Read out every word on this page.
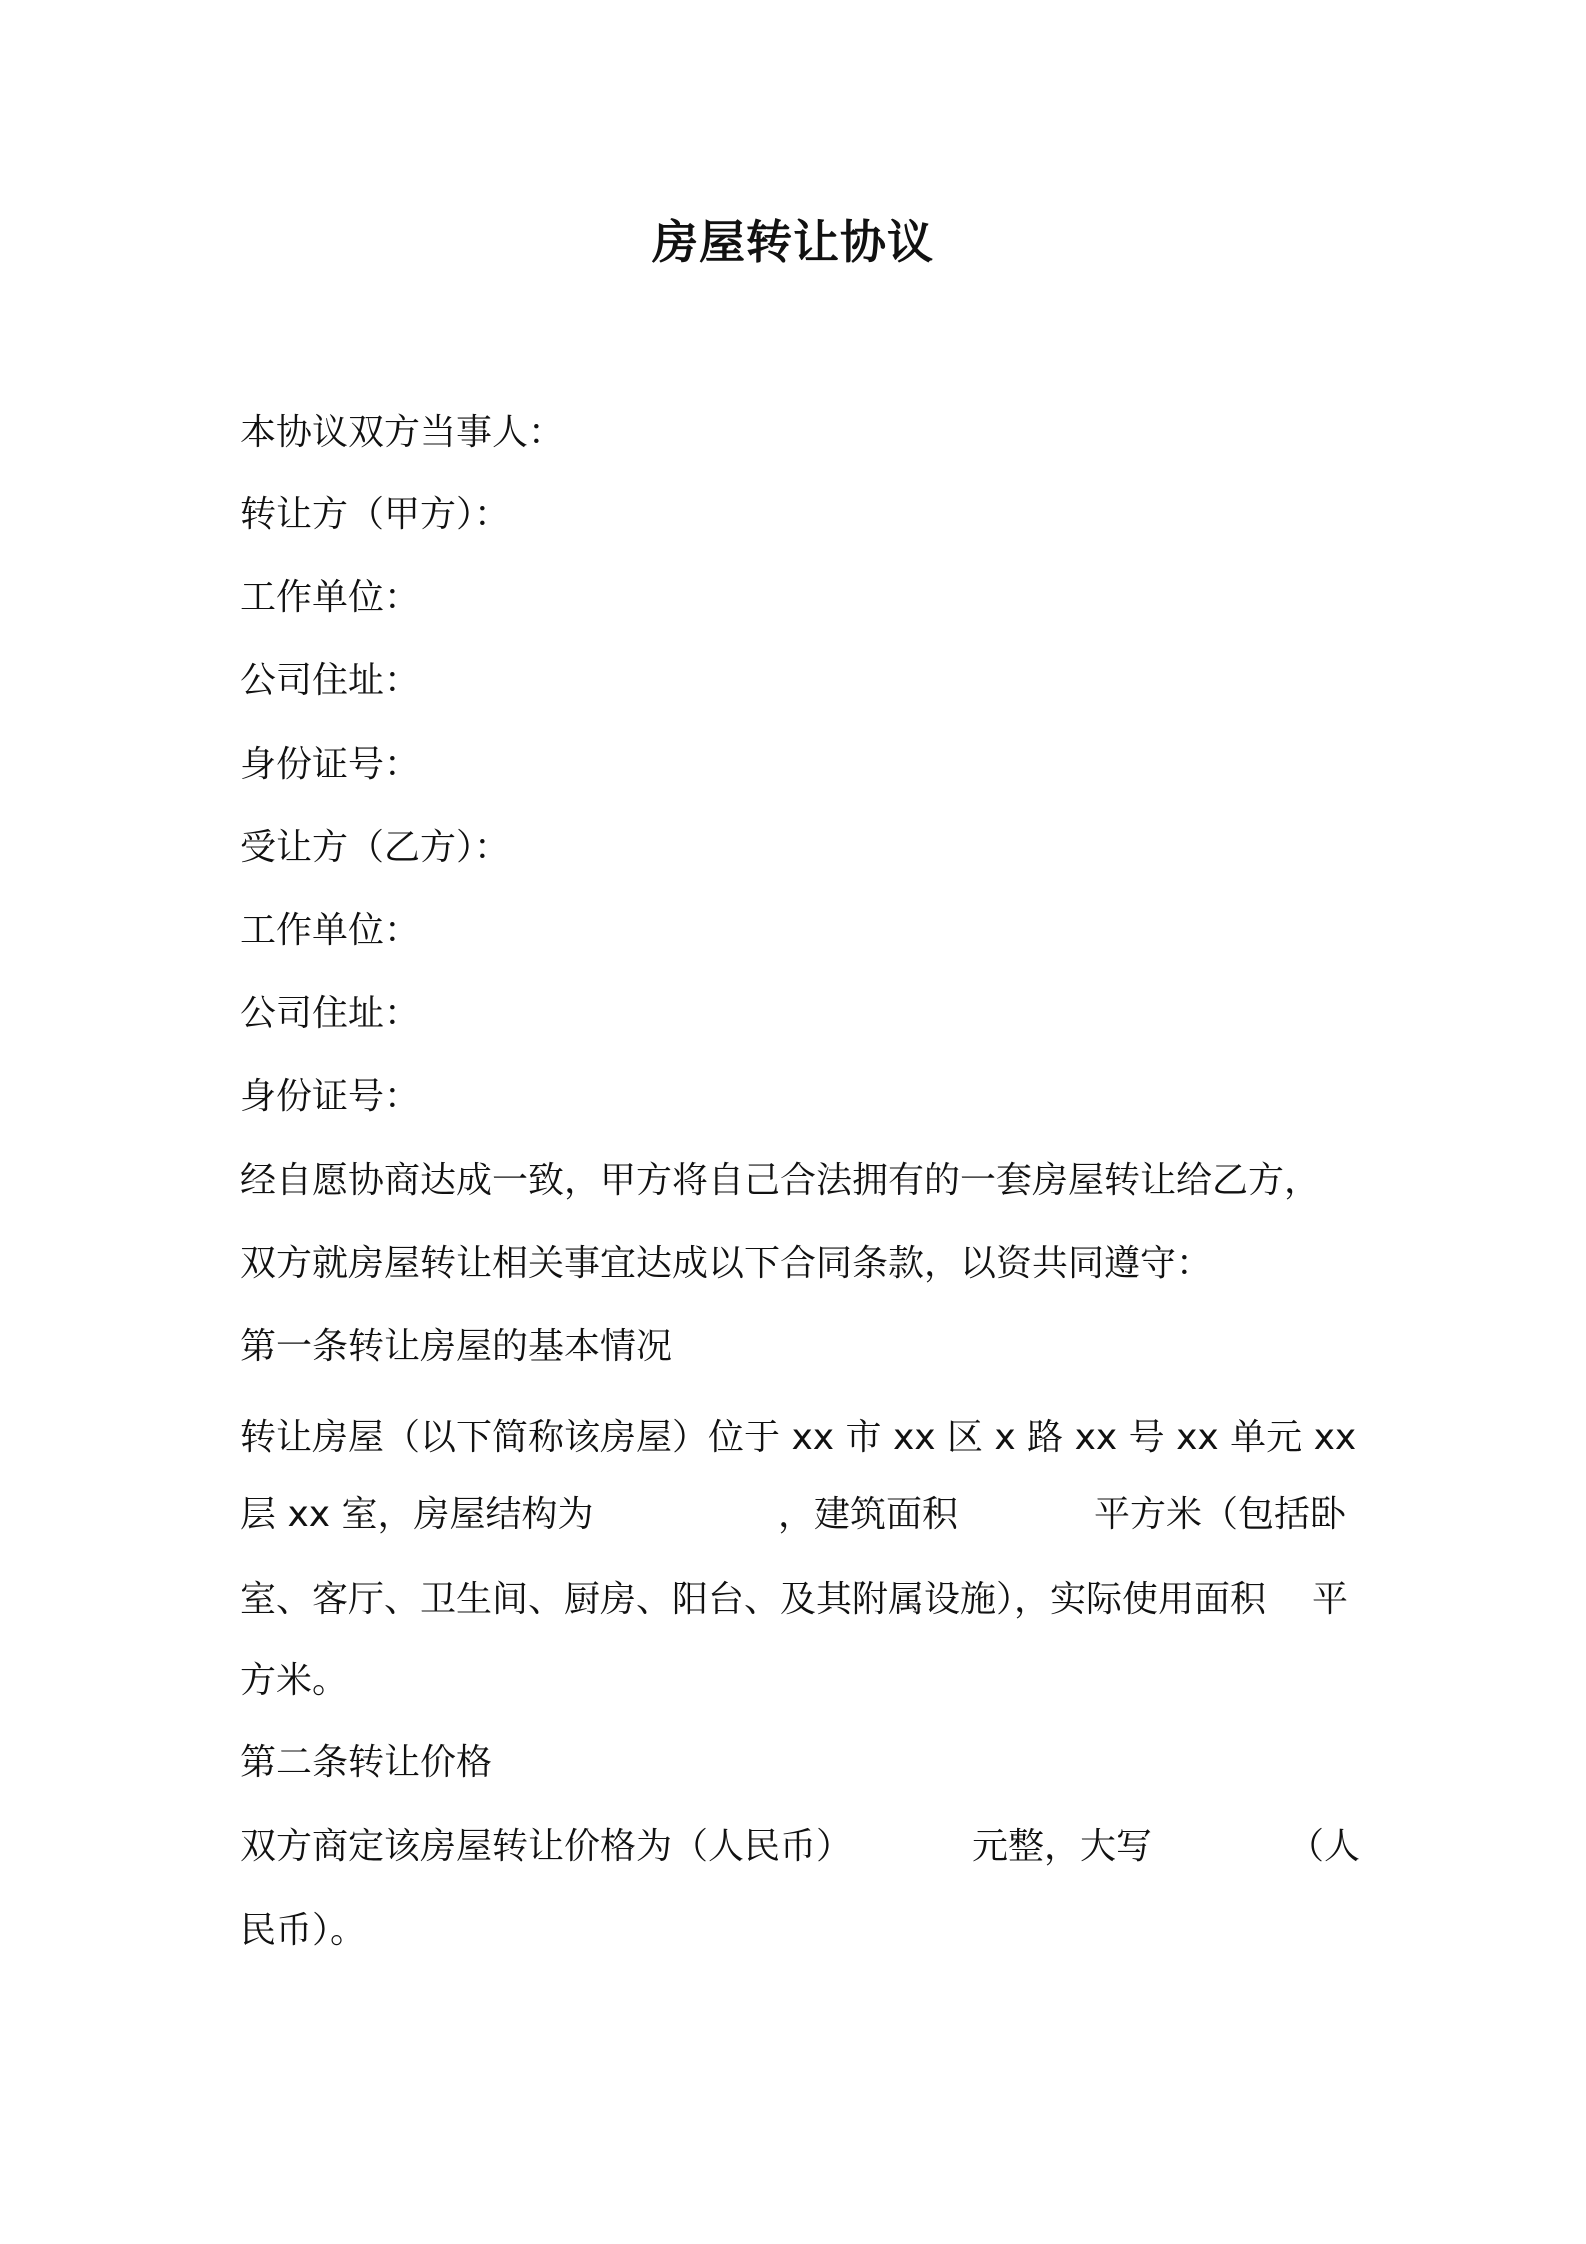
房屋转让协议
本协议双方当事人：
转让方（甲方）：
工作单位：
公司住址：
身份证号：
受让方（乙方）：
工作单位：
公司住址：
身份证号：
经自愿协商达成一致，甲方将自己合法拥有的一套房屋转让给乙方，
双方就房屋转让相关事宜达成以下合同条款，以资共同遵守：
第一条转让房屋的基本情况
转让房屋（以下简称该房屋）位于 xx 市 xx 区 x 路 xx 号 xx 单元 xx
层 xx 室，房屋结构为	，建筑面积	平方米（包括卧
室、客厅、卫生间、厨房、阳台、及其附属设施），实际使用面积 平
方米。
第二条转让价格
双方商定该房屋转让价格为（人民币）	元整，大写	（人
民币）。
